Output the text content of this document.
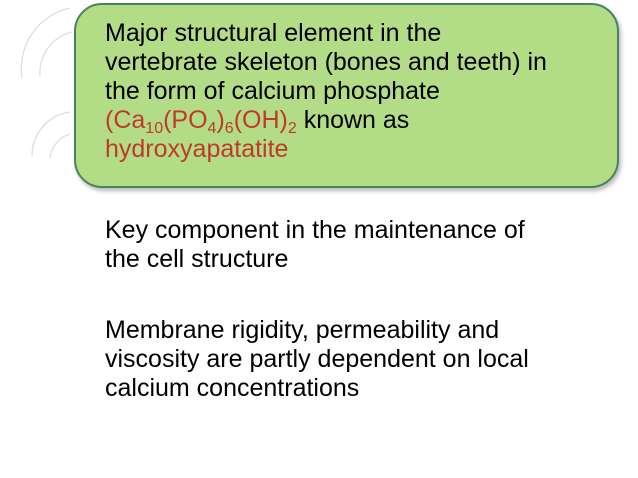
Major structural element in the
vertebrate skeleton (bones and teeth) in
the form of calcium phosphate
($Ca_{10}(PO_4)_6(OH)_2$ known as
hydroxyapatatite
Key component in the maintenance of
the cell structure
Membrane rigidity, permeability and
viscosity are partly dependent on local
calcium concentrations
